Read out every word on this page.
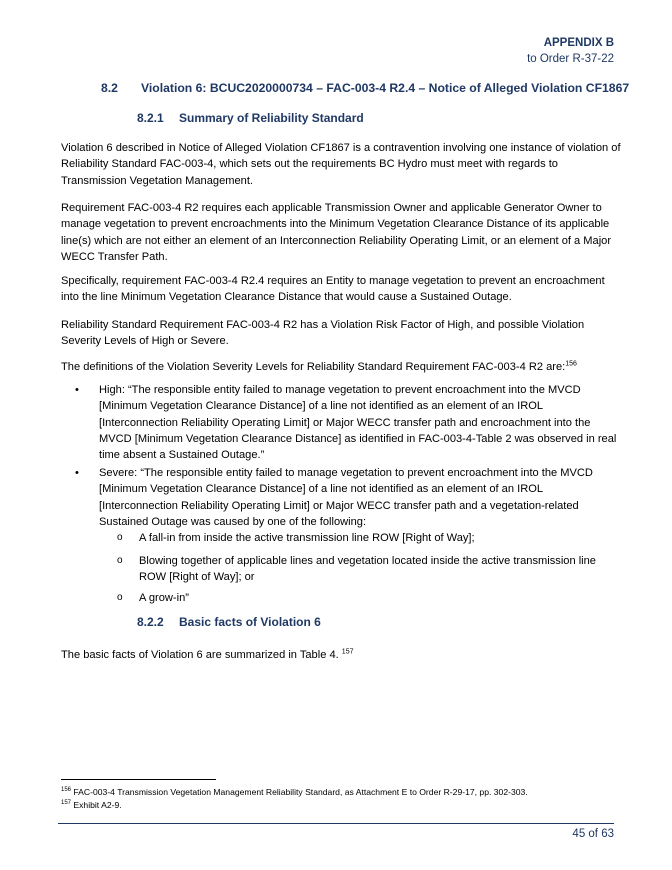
APPENDIX B
to Order R-37-22
8.2 Violation 6: BCUC2020000734 – FAC-003-4 R2.4 – Notice of Alleged Violation CF1867
8.2.1 Summary of Reliability Standard

Violation 6 described in Notice of Alleged Violation CF1867 is a contravention involving one instance of violation of Reliability Standard FAC-003-4, which sets out the requirements BC Hydro must meet with regards to Transmission Vegetation Management.

Requirement FAC-003-4 R2 requires each applicable Transmission Owner and applicable Generator Owner to manage vegetation to prevent encroachments into the Minimum Vegetation Clearance Distance of its applicable line(s) which are not either an element of an Interconnection Reliability Operating Limit, or an element of a Major WECC Transfer Path.

Specifically, requirement FAC-003-4 R2.4 requires an Entity to manage vegetation to prevent an encroachment into the line Minimum Vegetation Clearance Distance that would cause a Sustained Outage.

Reliability Standard Requirement FAC-003-4 R2 has a Violation Risk Factor of High, and possible Violation Severity Levels of High or Severe.

The definitions of the Violation Severity Levels for Reliability Standard Requirement FAC-003-4 R2 are:$^{156}$

• High: “The responsible entity failed to manage vegetation to prevent encroachment into the MVCD [Minimum Vegetation Clearance Distance] of a line not identified as an element of an IROL [Interconnection Reliability Operating Limit] or Major WECC transfer path and encroachment into the MVCD [Minimum Vegetation Clearance Distance] as identified in FAC-003-4-Table 2 was observed in real time absent a Sustained Outage.”
• Severe: “The responsible entity failed to manage vegetation to prevent encroachment into the MVCD [Minimum Vegetation Clearance Distance] of a line not identified as an element of an IROL [Interconnection Reliability Operating Limit] or Major WECC transfer path and a vegetation-related Sustained Outage was caused by one of the following:
o A fall-in from inside the active transmission line ROW [Right of Way];
o Blowing together of applicable lines and vegetation located inside the active transmission line ROW [Right of Way]; or
o A grow-in”
8.2.2 Basic facts of Violation 6

The basic facts of Violation 6 are summarized in Table 4. $^{157}$

$^{156}$ FAC-003-4 Transmission Vegetation Management Reliability Standard, as Attachment E to Order R-29-17, pp. 302-303.
$^{157}$ Exhibit A2-9.
45 of 63
